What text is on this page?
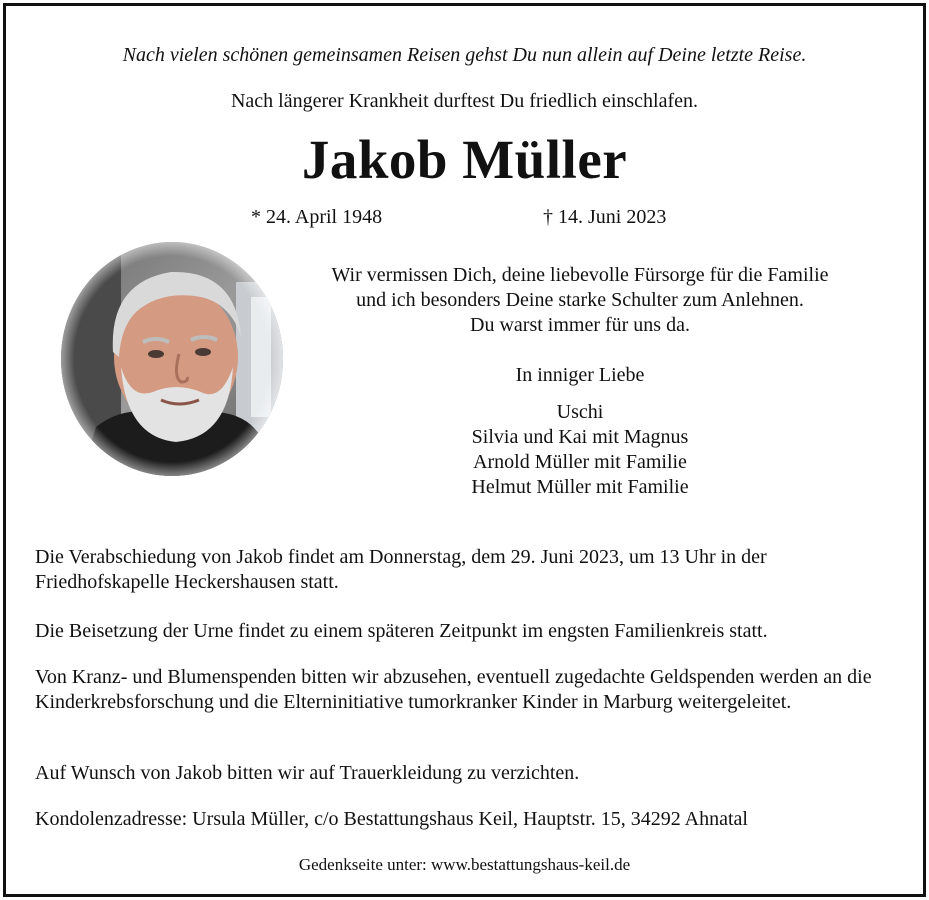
Nach vielen schönen gemeinsamen Reisen gehst Du nun allein auf Deine letzte Reise.
Nach längerer Krankheit durftest Du friedlich einschlafen.
Jakob Müller
* 24. April 1948	† 14. Juni 2023
Wir vermissen Dich, deine liebevolle Fürsorge für die Familie
und ich besonders Deine starke Schulter zum Anlehnen.
Du warst immer für uns da.
In inniger Liebe
Uschi
Silvia und Kai mit Magnus
Arnold Müller mit Familie
Helmut Müller mit Familie
Die Verabschiedung von Jakob findet am Donnerstag, dem 29. Juni 2023, um 13 Uhr in der Friedhofskapelle Heckershausen statt.
Die Beisetzung der Urne findet zu einem späteren Zeitpunkt im engsten Familienkreis statt.
Von Kranz- und Blumenspenden bitten wir abzusehen, eventuell zugedachte Geldspenden werden an die Kinderkrebsforschung und die Elterninitiative tumorkranker Kinder in Marburg weitergeleitet.
Auf Wunsch von Jakob bitten wir auf Trauerkleidung zu verzichten.
Kondolenzadresse: Ursula Müller, c/o Bestattungshaus Keil, Hauptstr. 15, 34292 Ahnatal
Gedenkseite unter: www.bestattungshaus-keil.de
